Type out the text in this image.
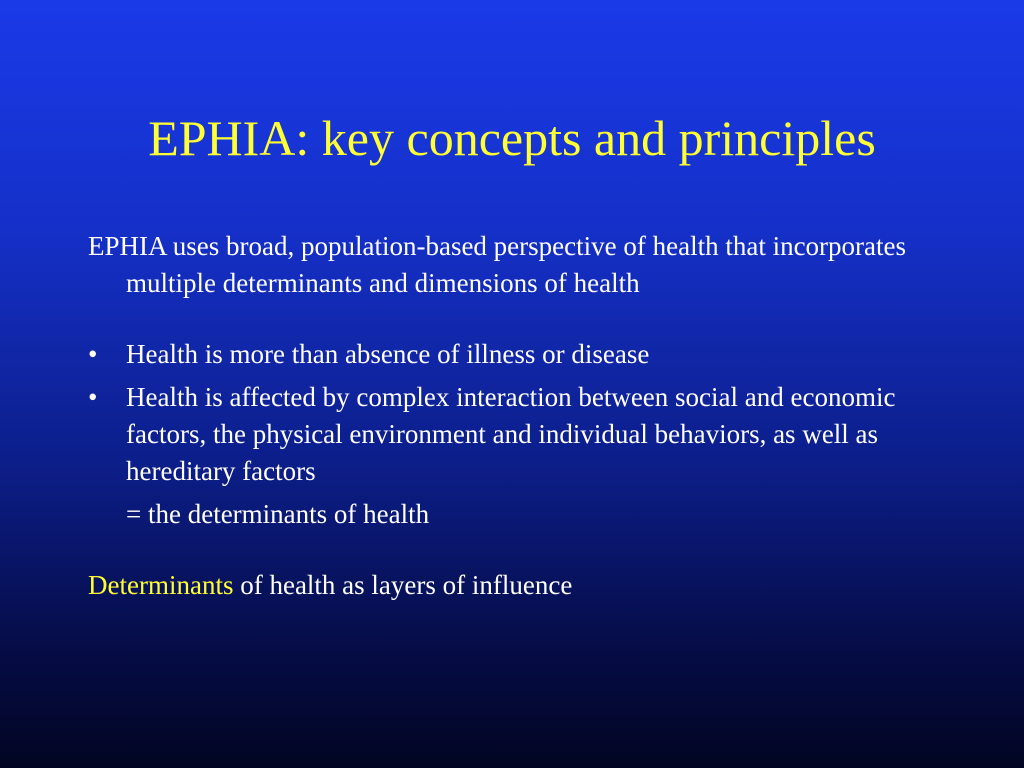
EPHIA: key concepts and principles

EPHIA uses broad, population-based perspective of health that incorporates multiple determinants and dimensions of health

•	Health is more than absence of illness or disease

•	Health is affected by complex interaction between social and economic factors, the physical environment and individual behaviors, as well as hereditary factors

= the determinants of health

Determinants of health as layers of influence
